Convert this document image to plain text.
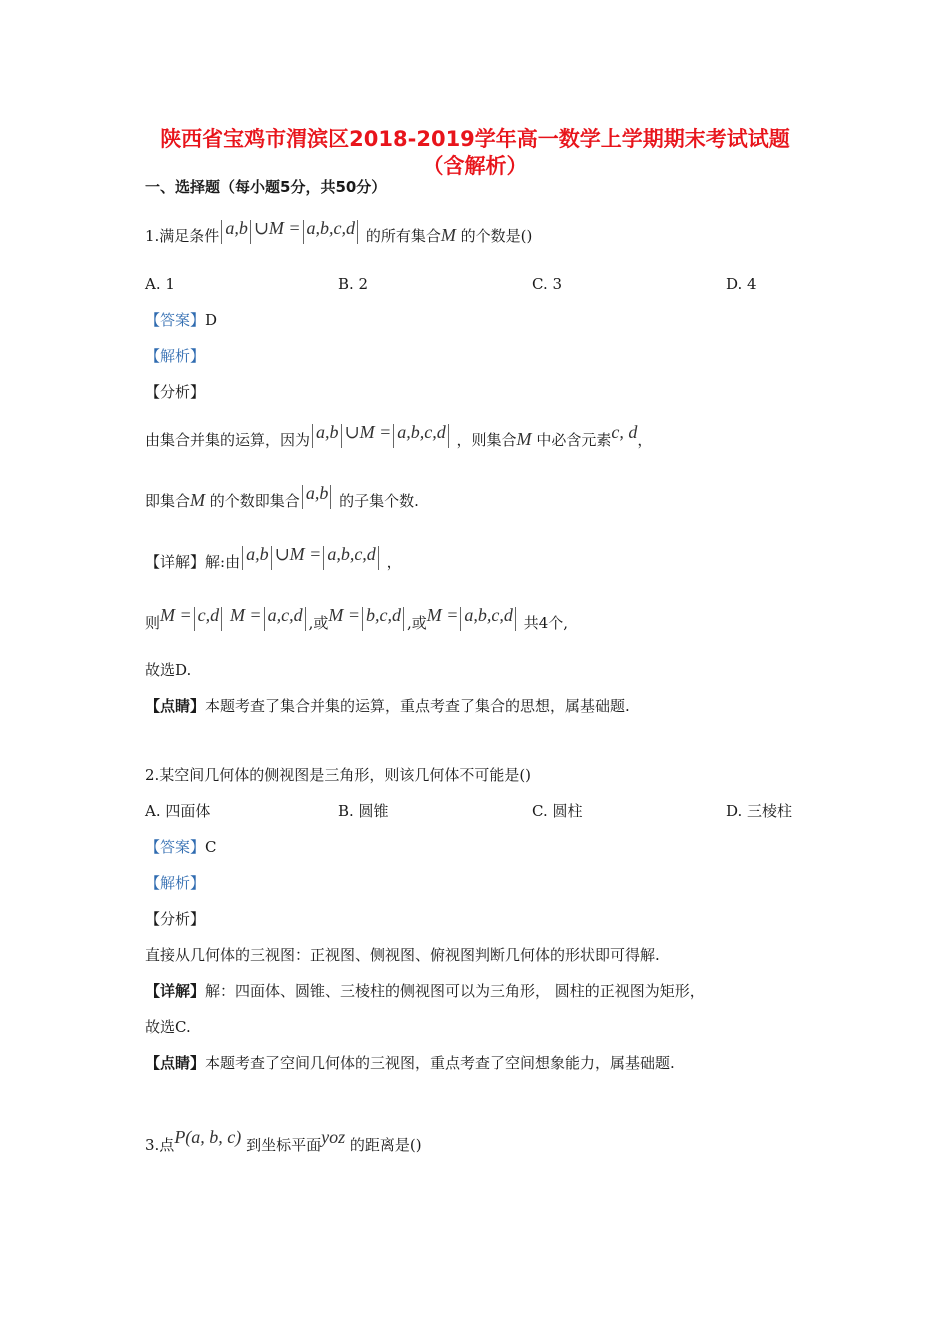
陕西省宝鸡市渭滨区2018-2019学年高一数学上学期期末考试试题
（含解析）
一、选择题（每小题5分，共50分）
1.满足条件 a,b ∪M = a,b,c,d 的所有集合M 的个数是()
A. 1	B. 2	C. 3	D. 4
【答案】D
【解析】
【分析】
由集合并集的运算，因为 a,b ∪M = a,b,c,d ，则集合M 中必含元素c, d，
即集合M 的个数即集合 a,b 的子集个数.
【详解】解:由 a,b ∪M = a,b,c,d ，
则M = c,d M = a,c,d ,或M = b,c,d ,或M = a,b,c,d 共4个,
故选D.
【点睛】本题考查了集合并集的运算，重点考查了集合的思想，属基础题.
2.某空间几何体的侧视图是三角形，则该几何体不可能是()
A. 四面体	B. 圆锥	C. 圆柱	D. 三棱柱
【答案】C
【解析】
【分析】
直接从几何体的三视图：正视图、侧视图、俯视图判断几何体的形状即可得解.
【详解】解：四面体、圆锥、三棱柱的侧视图可以为三角形， 圆柱的正视图为矩形，
故选C.
【点睛】本题考查了空间几何体的三视图，重点考查了空间想象能力，属基础题.
3.点P(a, b, c) 到坐标平面yoz 的距离是()
